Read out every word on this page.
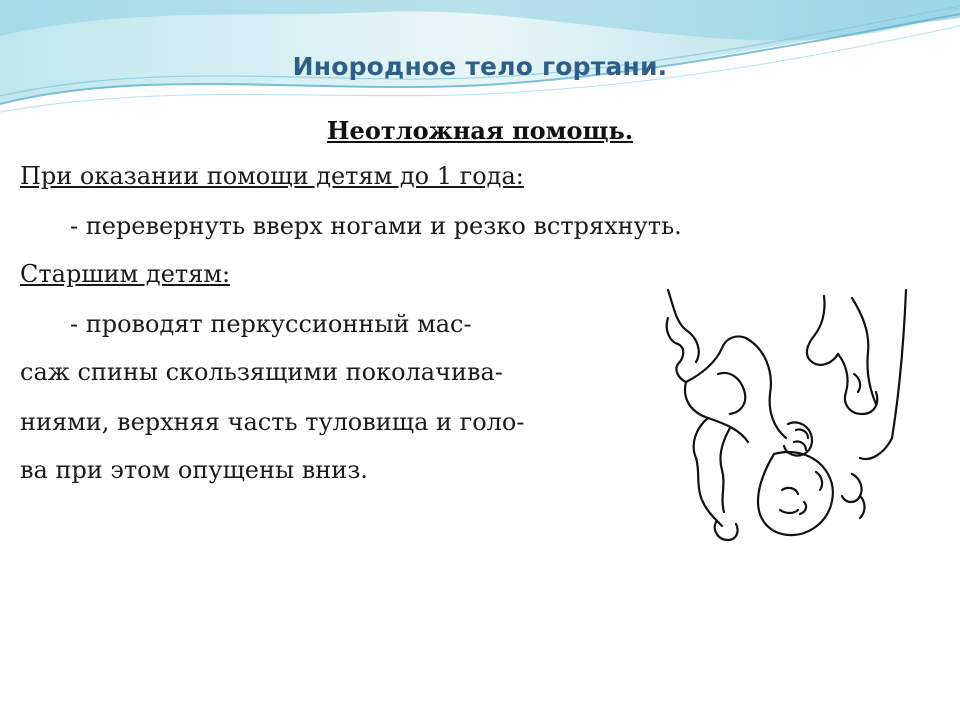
Инородное тело гортани.
Неотложная помощь.
При оказании помощи детям до 1 года:
- перевернуть вверх ногами и резко встряхнуть.
Старшим детям:
- проводят перкуссионный мас-
саж спины скользящими поколачива-
ниями, верхняя часть туловища и голо-
ва при этом опущены вниз.
